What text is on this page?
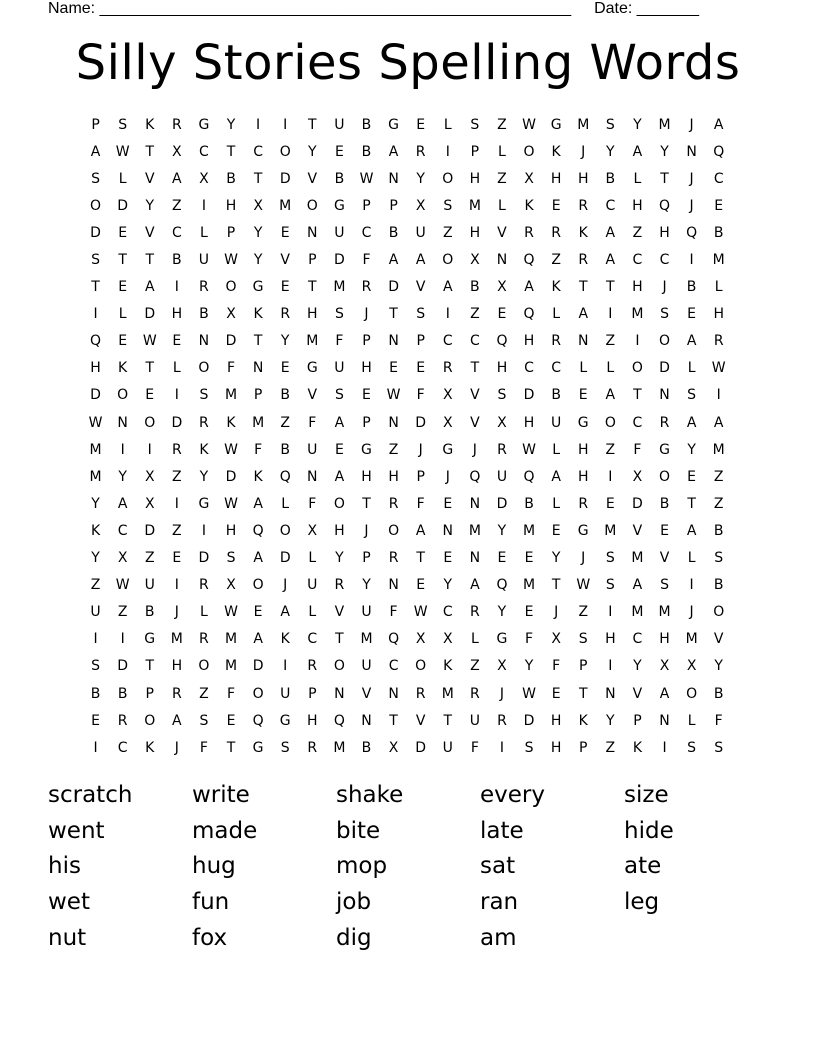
Name: _____________________________________________________ Date: _______
Silly Stories Spelling Words
P	S	K	R	G	Y	I	I	T	U	B	G	E	L	S	Z	W	G	M	S	Y	M	J	A
A	W	T	X	C	T	C	O	Y	E	B	A	R	I	P	L	O	K	J	Y	A	Y	N	Q
S	L	V	A	X	B	T	D	V	B	W	N	Y	O	H	Z	X	H	H	B	L	T	J	C
O	D	Y	Z	I	H	X	M	O	G	P	P	X	S	M	L	K	E	R	C	H	Q	J	E
D	E	V	C	L	P	Y	E	N	U	C	B	U	Z	H	V	R	R	K	A	Z	H	Q	B
S	T	T	B	U	W	Y	V	P	D	F	A	A	O	X	N	Q	Z	R	A	C	C	I	M
T	E	A	I	R	O	G	E	T	M	R	D	V	A	B	X	A	K	T	T	H	J	B	L
I	L	D	H	B	X	K	R	H	S	J	T	S	I	Z	E	Q	L	A	I	M	S	E	H
Q	E	W	E	N	D	T	Y	M	F	P	N	P	C	C	Q	H	R	N	Z	I	O	A	R
H	K	T	L	O	F	N	E	G	U	H	E	E	R	T	H	C	C	L	L	O	D	L	W
D	O	E	I	S	M	P	B	V	S	E	W	F	X	V	S	D	B	E	A	T	N	S	I
W	N	O	D	R	K	M	Z	F	A	P	N	D	X	V	X	H	U	G	O	C	R	A	A
M	I	I	R	K	W	F	B	U	E	G	Z	J	G	J	R	W	L	H	Z	F	G	Y	M
M	Y	X	Z	Y	D	K	Q	N	A	H	H	P	J	Q	U	Q	A	H	I	X	O	E	Z
Y	A	X	I	G	W	A	L	F	O	T	R	F	E	N	D	B	L	R	E	D	B	T	Z
K	C	D	Z	I	H	Q	O	X	H	J	O	A	N	M	Y	M	E	G	M	V	E	A	B
Y	X	Z	E	D	S	A	D	L	Y	P	R	T	E	N	E	E	Y	J	S	M	V	L	S
Z	W	U	I	R	X	O	J	U	R	Y	N	E	Y	A	Q	M	T	W	S	A	S	I	B
U	Z	B	J	L	W	E	A	L	V	U	F	W	C	R	Y	E	J	Z	I	M	M	J	O
I	I	G	M	R	M	A	K	C	T	M	Q	X	X	L	G	F	X	S	H	C	H	M	V
S	D	T	H	O	M	D	I	R	O	U	C	O	K	Z	X	Y	F	P	I	Y	X	X	Y
B	B	P	R	Z	F	O	U	P	N	V	N	R	M	R	J	W	E	T	N	V	A	O	B
E	R	O	A	S	E	Q	G	H	Q	N	T	V	T	U	R	D	H	K	Y	P	N	L	F
I	C	K	J	F	T	G	S	R	M	B	X	D	U	F	I	S	H	P	Z	K	I	S	S
scratch	write	shake	every	size
went	made	bite	late	hide
his	hug	mop	sat	ate
wet	fun	job	ran	leg
nut	fox	dig	am
